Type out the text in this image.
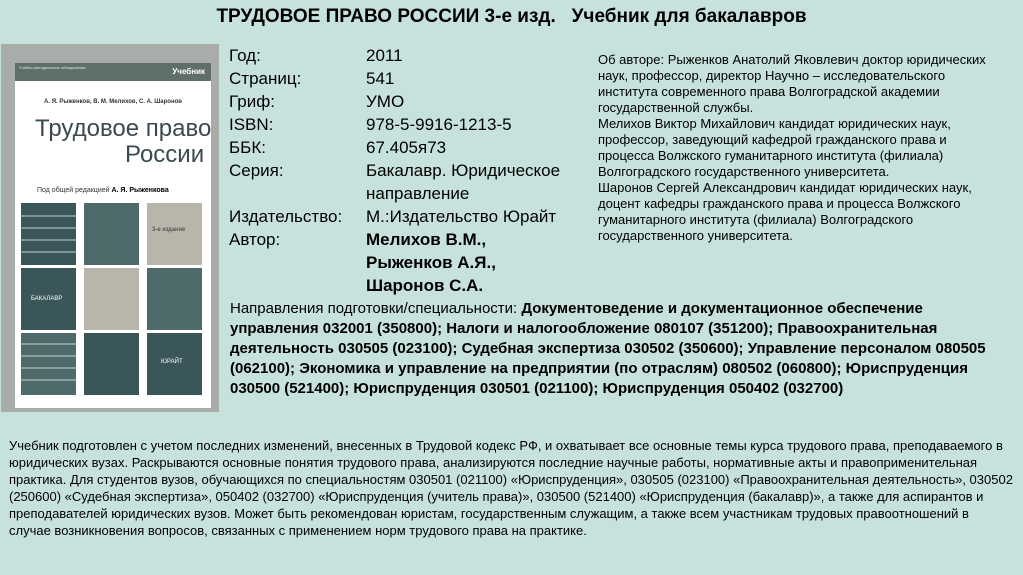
ТРУДОВОЕ ПРАВО РОССИИ 3-е изд.   Учебник для бакалавров
Учебно-методическое объединение	Учебник
А. Я. Рыженков, В. М. Мелихов, С. А. Шаронов
Трудовое право
России
Под общей редакцией А. Я. Рыженкова
3-е издание
БАКАЛАВР
ЮРАЙТ
Год:	2011
Страниц:	541
Гриф:	УМО
ISBN:	978-5-9916-1213-5
ББК:	67.405я73
Серия:	Бакалавр. Юридическое
направление
Издательство: М.:Издательство Юрайт
Автор:	Мелихов В.М.,
Рыженков А.Я.,
Шаронов С.А.

Об авторе: Рыженков Анатолий Яковлевич доктор юридических наук, профессор, директор Научно – исследовательского института современного права Волгоградской академии государственной службы.

Мелихов Виктор Михайлович кандидат юридических наук, профессор, заведующий кафедрой гражданского права и процесса Волжского гуманитарного института (филиала) Волгоградского государственного университета.

Шаронов Сергей Александрович кандидат юридических наук, доцент кафедры гражданского права и процесса Волжского гуманитарного института (филиала) Волгоградского государственного университета.

Направления подготовки/специальности: Документоведение и документационное обеспечение управления 032001 (350800); Налоги и налогообложение 080107 (351200); Правоохранительная деятельность 030505 (023100); Судебная экспертиза 030502 (350600); Управление персоналом 080505 (062100); Экономика и управление на предприятии (по отраслям) 080502 (060800); Юриспруденция 030500 (521400); Юриспруденция 030501 (021100); Юриспруденция 050402 (032700)
Учебник подготовлен с учетом последних изменений, внесенных в Трудовой кодекс РФ, и охватывает все основные темы курса трудового права, преподаваемого в юридических вузах. Раскрываются основные понятия трудового права, анализируются последние научные работы, нормативные акты и правоприменительная практика. Для студентов вузов, обучающихся по специальностям 030501 (021100) «Юриспруденция», 030505 (023100) «Правоохранительная деятельность», 030502 (250600) «Судебная экспертиза», 050402 (032700) «Юриспруденция (учитель права)», 030500 (521400) «Юриспруденция (бакалавр)», а также для аспирантов и преподавателей юридических вузов. Может быть рекомендован юристам, государственным служащим, а также всем участникам трудовых правоотношений в случае возникновения вопросов, связанных с применением норм трудового права на практике.
